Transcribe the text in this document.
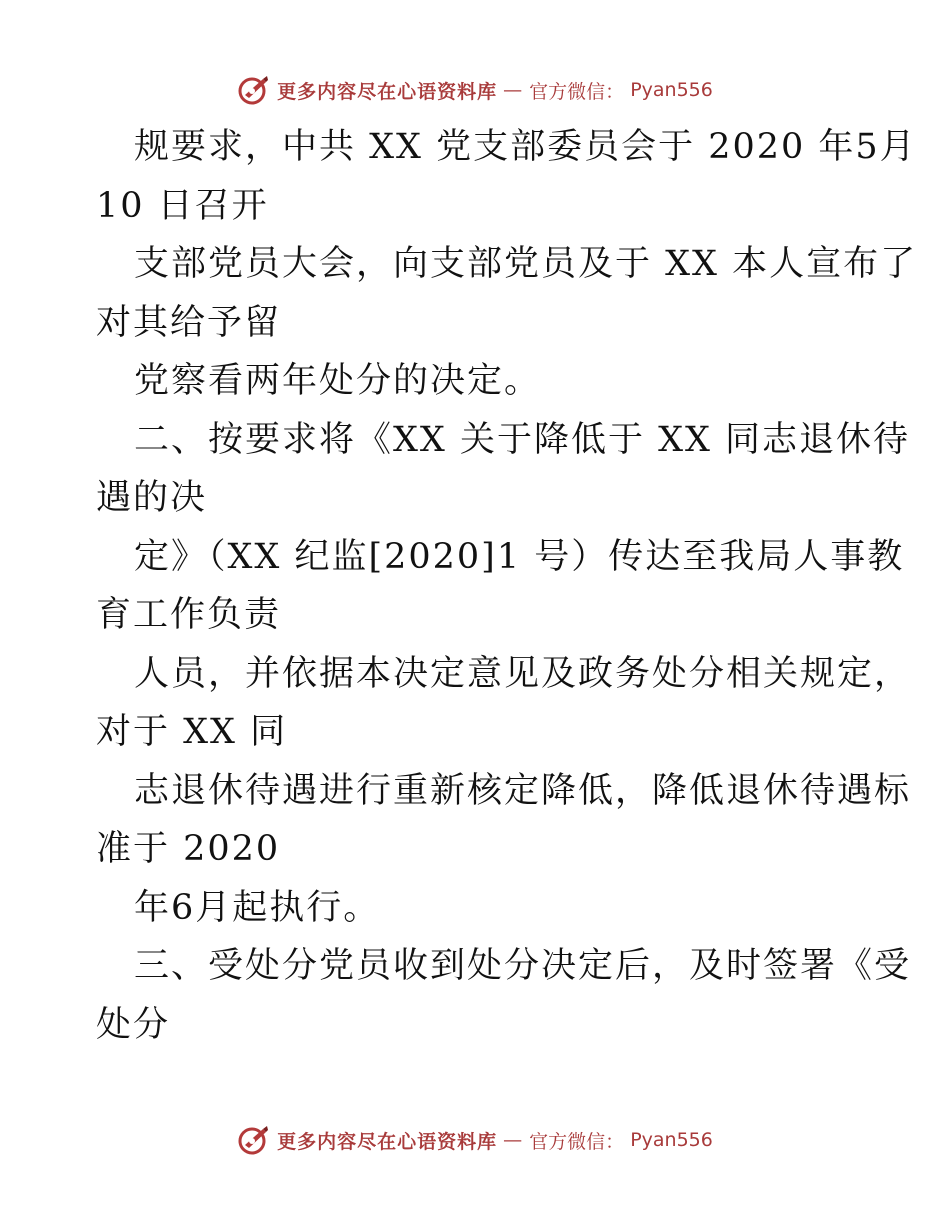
更多内容尽在心语资料库 — 官方微信： Pyan556
规要求，中共 XX 党支部委员会于 2020 年5月
10 日召开
支部党员大会，向支部党员及于 XX 本人宣布了
对其给予留
党察看两年处分的决定。
二、按要求将《XX 关于降低于 XX 同志退休待
遇的决
定》（XX 纪监[2020]1 号）传达至我局人事教
育工作负责
人员，并依据本决定意见及政务处分相关规定，
对于 XX 同
志退休待遇进行重新核定降低，降低退休待遇标
准于 2020
年6月起执行。
三、受处分党员收到处分决定后，及时签署《受
处分
更多内容尽在心语资料库 — 官方微信： Pyan556
